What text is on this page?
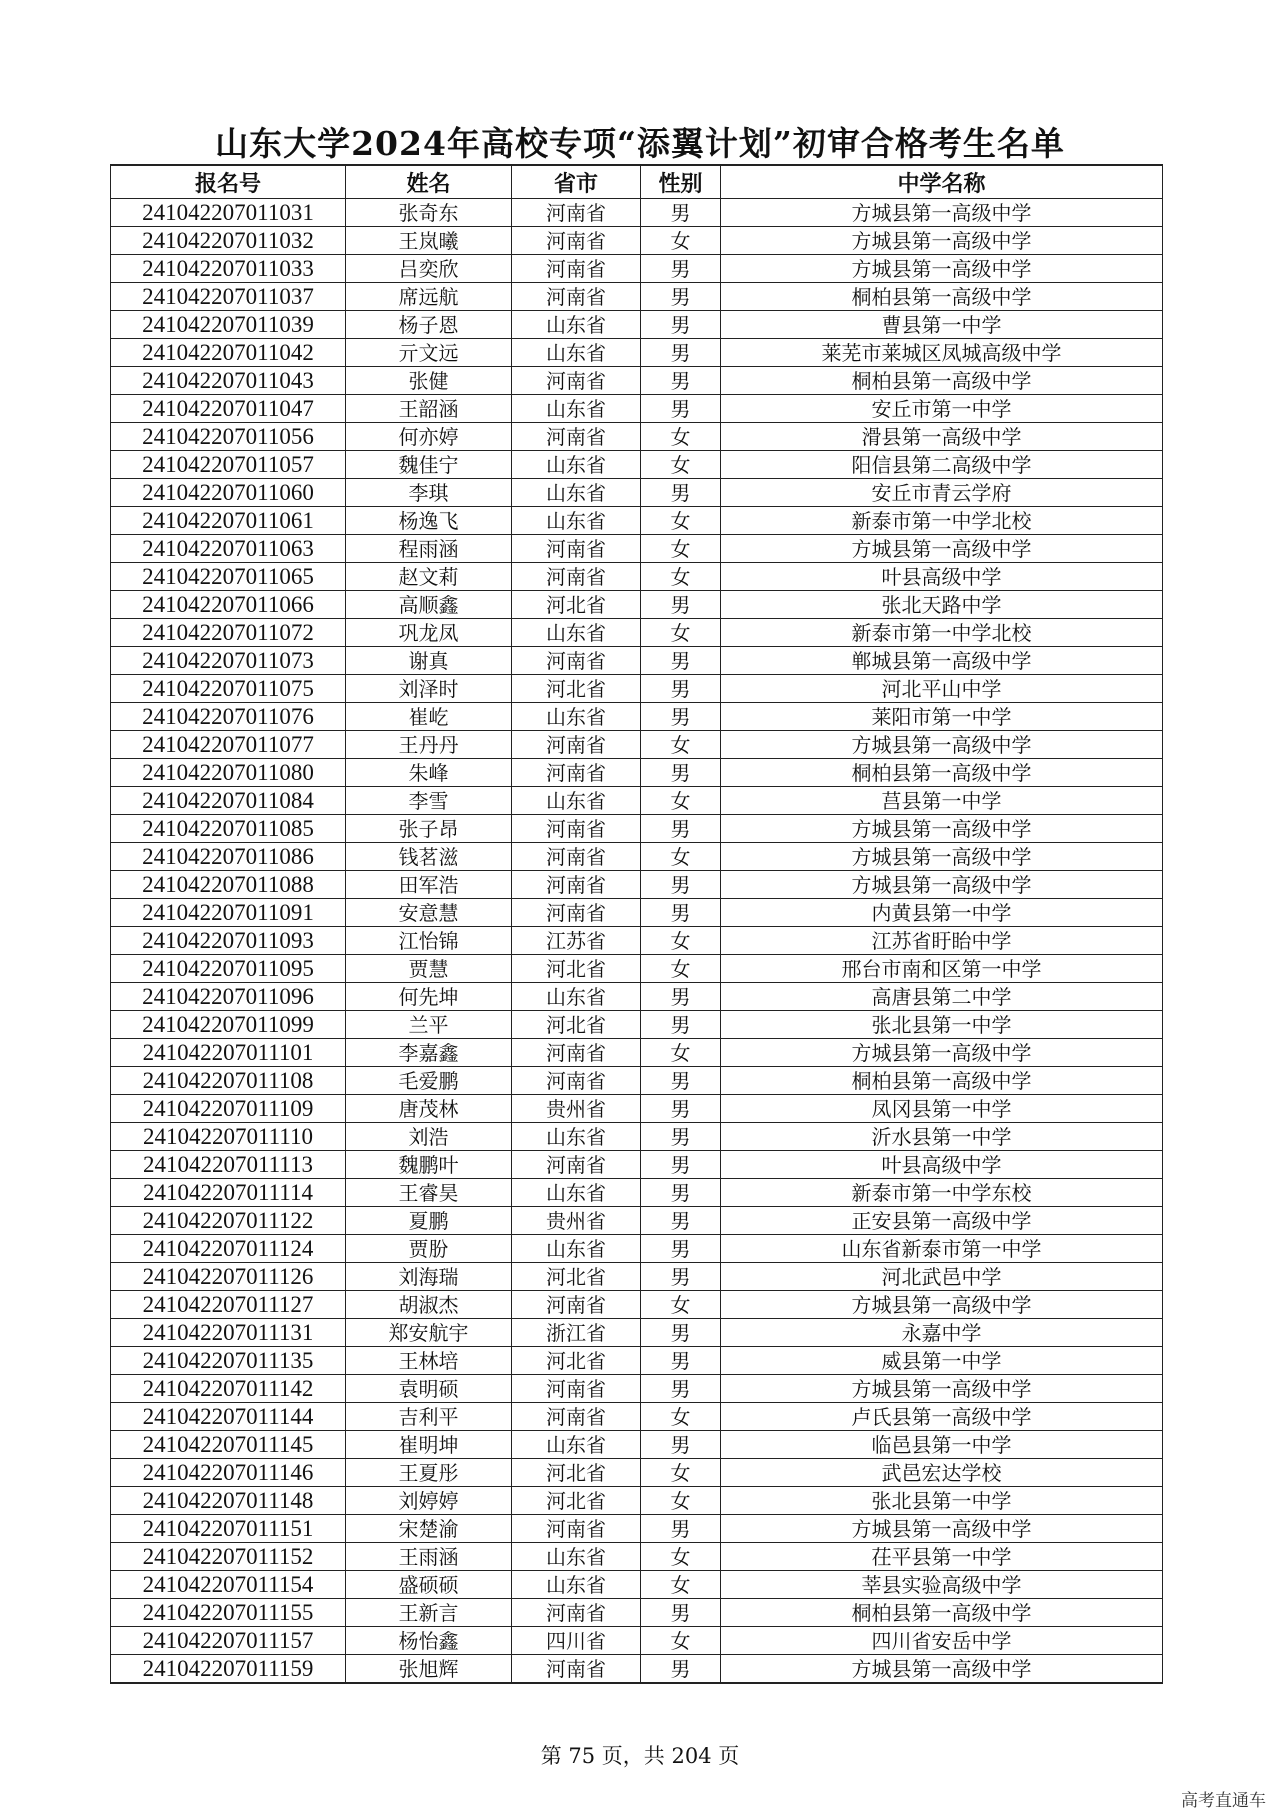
山东大学2024年高校专项“添翼计划”初审合格考生名单
报名号	姓名	省市	性别	中学名称
241042207011031	张奇东	河南省	男	方城县第一高级中学
241042207011032	王岚曦	河南省	女	方城县第一高级中学
241042207011033	吕奕欣	河南省	男	方城县第一高级中学
241042207011037	席远航	河南省	男	桐柏县第一高级中学
241042207011039	杨子恩	山东省	男	曹县第一中学
241042207011042	亓文远	山东省	男	莱芜市莱城区凤城高级中学
241042207011043	张健	河南省	男	桐柏县第一高级中学
241042207011047	王韶涵	山东省	男	安丘市第一中学
241042207011056	何亦婷	河南省	女	滑县第一高级中学
241042207011057	魏佳宁	山东省	女	阳信县第二高级中学
241042207011060	李琪	山东省	男	安丘市青云学府
241042207011061	杨逸飞	山东省	女	新泰市第一中学北校
241042207011063	程雨涵	河南省	女	方城县第一高级中学
241042207011065	赵文莉	河南省	女	叶县高级中学
241042207011066	高顺鑫	河北省	男	张北天路中学
241042207011072	巩龙凤	山东省	女	新泰市第一中学北校
241042207011073	谢真	河南省	男	郸城县第一高级中学
241042207011075	刘泽时	河北省	男	河北平山中学
241042207011076	崔屹	山东省	男	莱阳市第一中学
241042207011077	王丹丹	河南省	女	方城县第一高级中学
241042207011080	朱峰	河南省	男	桐柏县第一高级中学
241042207011084	李雪	山东省	女	莒县第一中学
241042207011085	张子昂	河南省	男	方城县第一高级中学
241042207011086	钱茗滋	河南省	女	方城县第一高级中学
241042207011088	田军浩	河南省	男	方城县第一高级中学
241042207011091	安意慧	河南省	男	内黄县第一中学
241042207011093	江怡锦	江苏省	女	江苏省盱眙中学
241042207011095	贾慧	河北省	女	邢台市南和区第一中学
241042207011096	何先坤	山东省	男	高唐县第二中学
241042207011099	兰平	河北省	男	张北县第一中学
241042207011101	李嘉鑫	河南省	女	方城县第一高级中学
241042207011108	毛爱鹏	河南省	男	桐柏县第一高级中学
241042207011109	唐茂林	贵州省	男	凤冈县第一中学
241042207011110	刘浩	山东省	男	沂水县第一中学
241042207011113	魏鹏叶	河南省	男	叶县高级中学
241042207011114	王睿昊	山东省	男	新泰市第一中学东校
241042207011122	夏鹏	贵州省	男	正安县第一高级中学
241042207011124	贾朌	山东省	男	山东省新泰市第一中学
241042207011126	刘海瑞	河北省	男	河北武邑中学
241042207011127	胡淑杰	河南省	女	方城县第一高级中学
241042207011131	郑安航宇	浙江省	男	永嘉中学
241042207011135	王林培	河北省	男	威县第一中学
241042207011142	袁明硕	河南省	男	方城县第一高级中学
241042207011144	吉利平	河南省	女	卢氏县第一高级中学
241042207011145	崔明坤	山东省	男	临邑县第一中学
241042207011146	王夏彤	河北省	女	武邑宏达学校
241042207011148	刘婷婷	河北省	女	张北县第一中学
241042207011151	宋楚渝	河南省	男	方城县第一高级中学
241042207011152	王雨涵	山东省	女	茌平县第一中学
241042207011154	盛硕硕	山东省	女	莘县实验高级中学
241042207011155	王新言	河南省	男	桐柏县第一高级中学
241042207011157	杨怡鑫	四川省	女	四川省安岳中学
241042207011159	张旭辉	河南省	男	方城县第一高级中学
第 75 页，共 204 页
高考直通车
